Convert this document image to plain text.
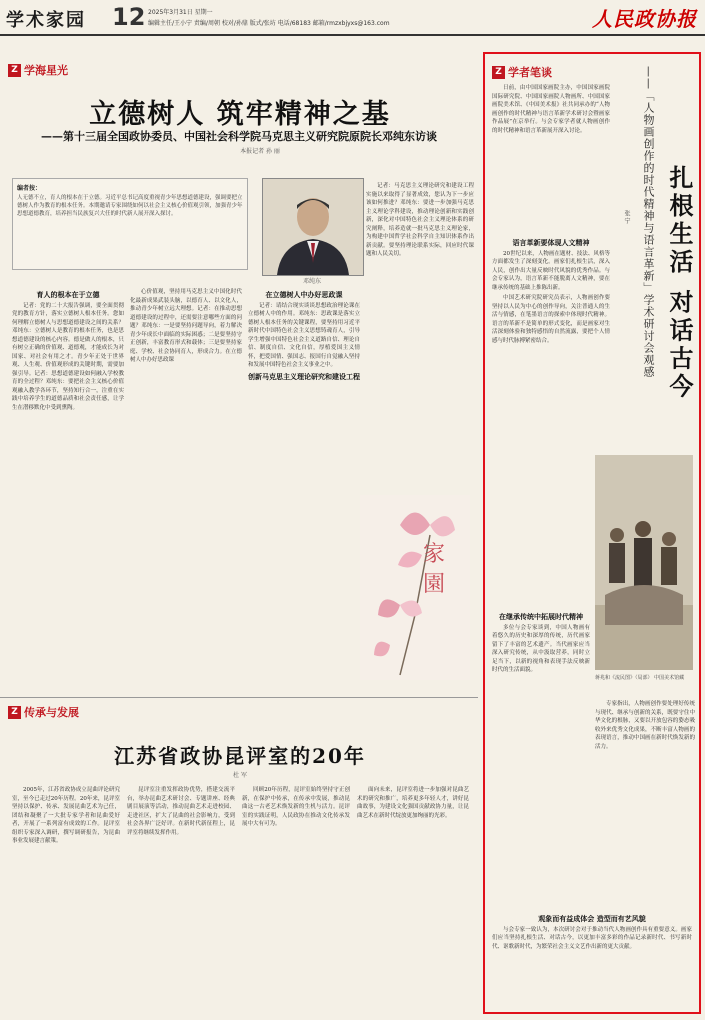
学术家园 12 2025年3月31日 星期一
编辑主任/王小宁 责编/周朝 校对/孙鼎 版式/张坊 电话/68183 邮箱/rmzxbjyxs@163.com	人民政协报
Z 学海星光
立德树人 筑牢精神之基
——第十三届全国政协委员、中国社会科学院马克思主义研究院原院长邓纯东访谈
本报记者 孙 丽
编者按：
人无德不立，育人的根本在于立德。习近平总书记高度重视青少年思想道德建设，强调要把立德树人作为教育的根本任务。本期邀请专家围绕如何以社会主义核心价值观引领，加强青少年思想道德教育，培养担当民族复兴大任的时代新人展开深入探讨。
邓纯东
育人的根本在于立德

记者：党的二十大报告强调，要全面贯彻党的教育方针，落实立德树人根本任务。您如何理解立德树人与思想道德建设之间的关系？邓纯东：立德树人是教育的根本任务，也是思想道德建设的核心内容。德是做人的根本，只有树立正确的价值观、道德观，才能成长为对国家、对社会有用之才。青少年正处于世界观、人生观、价值观形成的关键时期，需要加强引导。记者：思想道德建设如何融入学校教育的全过程？邓纯东：要把社会主义核心价值观融入教学各环节，坚持知行合一，注重在实践中培养学生的道德品质和社会责任感，让学生在潜移默化中受到熏陶。

心价值观，坚持用马克思主义中国化时代化最新成果武装头脑，以德育人、以文化人，推动青少年树立远大理想。记者：在推动思想道德建设的过程中，还需要注意哪些方面的问题？邓纯东：一是要坚持问题导向，着力解决青少年成长中面临的实际困惑；二是要坚持守正创新，丰富教育形式和载体；三是要坚持家庭、学校、社会协同育人，形成合力。在立德树人中办好思政课

在立德树人中办好思政课

记者：请结合现实谈谈思想政治理论课在立德树人中的作用。邓纯东：思政课是落实立德树人根本任务的关键课程，要坚持用习近平新时代中国特色社会主义思想铸魂育人，引导学生增强中国特色社会主义道路自信、理论自信、制度自信、文化自信，厚植爱国主义情怀，把爱国情、强国志、报国行自觉融入坚持和发展中国特色社会主义事业之中。

创新马克思主义理论研究和建设工程

记者：马克思主义理论研究和建设工程实施以来取得了显著成效，您认为下一步应该如何推进？邓纯东：要进一步加强马克思主义理论学科建设，推动理论创新和实践创新，深化对中国特色社会主义理论体系的研究阐释，培养造就一批马克思主义理论家，为构建中国哲学社会科学自主知识体系作出新贡献。要坚持理论联系实际，回应时代课题和人民关切。

家園
Z 传承与发展
江苏省政协昆评室的20年
杜 军

2005年，江苏省政协成立昆曲评论研究室，至今已走过20年历程。20年来，昆评室坚持以保护、传承、发展昆曲艺术为己任，团结和凝聚了一大批专家学者和昆曲爱好者，开展了一系列富有成效的工作。昆评室组织专家深入调研，撰写调研报告，为昆曲事业发展建言献策。

昆评室注重发挥政协优势，搭建交流平台，举办昆曲艺术研讨会、专题讲座、经典剧目展演等活动，推动昆曲艺术走进校园、走进社区，扩大了昆曲的社会影响力，受到社会各界广泛好评。在新时代新征程上，昆评室将继续发挥作用。

回顾20年历程，昆评室始终坚持守正创新，在保护中传承，在传承中发展，推动昆曲这一古老艺术焕发新的生机与活力。昆评室的实践证明，人民政协在推动文化传承发展中大有可为。

面向未来，昆评室将进一步加强对昆曲艺术的研究和推广，培养更多年轻人才，讲好昆曲故事，为建设文化强国贡献政协力量，让昆曲艺术在新时代绽放更加绚丽的光彩。

Z 学者笔谈
扎根生活 对话古今
——「人物画创作的时代精神与语言革新」学术研讨会观感
张 宁

日前，由中国国家画院主办，中国国家画院国际研究院、中国国家画院人物画所、中国国家画院美术馆、《中国美术报》社共同承办的“人物画创作的时代精神与语言革新学术研讨会暨画家作品展”在京举行。与会专家学者就人物画创作的时代精神和语言革新展开深入讨论。

语言革新要体现人文精神

20世纪以来，人物画在题材、技法、风格等方面都发生了深刻变化。画家们扎根生活，深入人民，创作出大量反映时代风貌的优秀作品。与会专家认为，语言革新不能脱离人文精神，要在继承传统的基础上推陈出新。

中国艺术研究院研究员表示，人物画创作要坚持以人民为中心的创作导向，关注普通人的生活与情感，在笔墨语言的探索中体现时代精神。语言的革新不是简单的形式变化，而是画家对生活深刻体验和独特感悟的自然流露，要把个人情感与时代脉搏紧密结合。

在继承传统中拓展时代精神

多位与会专家谈到，中国人物画有着悠久的历史和深厚的传统，历代画家留下了丰富的艺术遗产。当代画家应当深入研究传统，从中汲取营养，同时立足当下，以新的视角和表现手法反映新时代的生活面貌。

蒋兆和《流民图》（局部） 中国美术馆藏

专家指出，人物画创作要处理好传统与现代、继承与创新的关系，既要守住中华文化的根脉，又要以开放包容的姿态吸收外来优秀文化成果，不断丰富人物画的表现语言，推动中国画在新时代焕发新的活力。

观象而有益成体会 造型而有艺风貌

与会专家一致认为，本次研讨会对于推动当代人物画创作具有重要意义。画家们应当坚持扎根生活、对话古今，以更加丰富多彩的作品记录新时代、书写新时代、讴歌新时代，为繁荣社会主义文艺作出新的更大贡献。
